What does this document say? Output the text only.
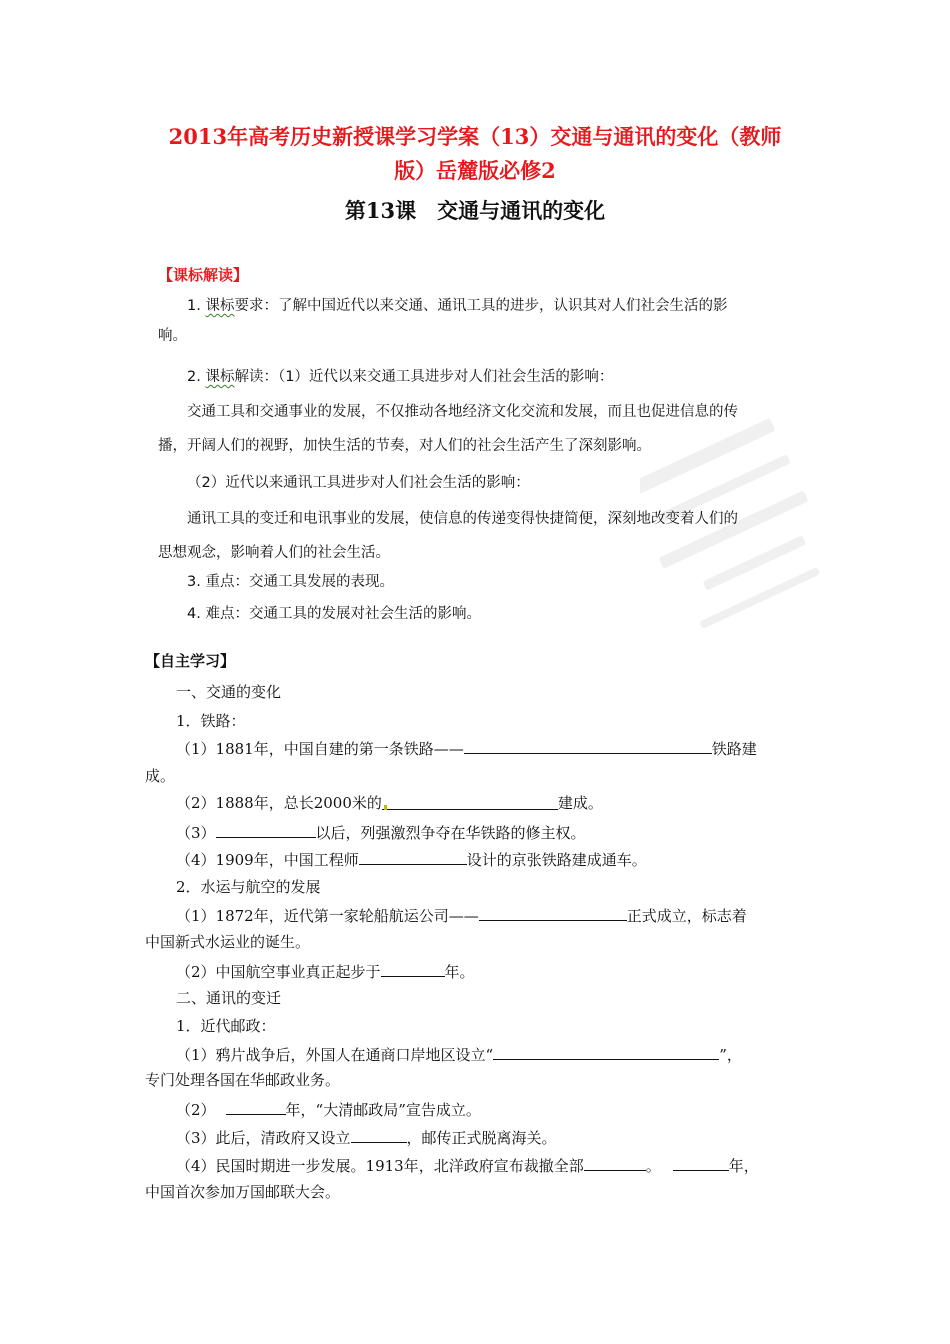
2013年高考历史新授课学习学案（13）交通与通讯的变化（教师
版）岳麓版必修2
第13课　交通与通讯的变化
【课标解读】
1. 课标要求：了解中国近代以来交通、通讯工具的进步，认识其对人们社会生活的影
响。
2. 课标解读：（1）近代以来交通工具进步对人们社会生活的影响：
交通工具和交通事业的发展，不仅推动各地经济文化交流和发展，而且也促进信息的传
播，开阔人们的视野，加快生活的节奏，对人们的社会生活产生了深刻影响。
（2）近代以来通讯工具进步对人们社会生活的影响：
通讯工具的变迁和电讯事业的发展，使信息的传递变得快捷简便，深刻地改变着人们的
思想观念，影响着人们的社会生活。
3. 重点：交通工具发展的表现。
4. 难点：交通工具的发展对社会生活的影响。
【自主学习】
一、交通的变化
1．铁路：
（1）1881年，中国自建的第一条铁路——	铁路建
成。
（2）1888年，总长2000米的	建成。
（3）	以后，列强激烈争夺在华铁路的修主权。
（4）1909年，中国工程师	设计的京张铁路建成通车。
2．水运与航空的发展
（1）1872年，近代第一家轮船航运公司——	正式成立，标志着
中国新式水运业的诞生。
（2）中国航空事业真正起步于	年。
二、通讯的变迁
1．近代邮政：
（1）鸦片战争后，外国人在通商口岸地区设立“	”，
专门处理各国在华邮政业务。
（2）	年，“大清邮政局”宣告成立。
（3）此后，清政府又设立	，邮传正式脱离海关。
（4）民国时期进一步发展。1913年，北洋政府宣布裁撤全部	。	年，
中国首次参加万国邮联大会。
